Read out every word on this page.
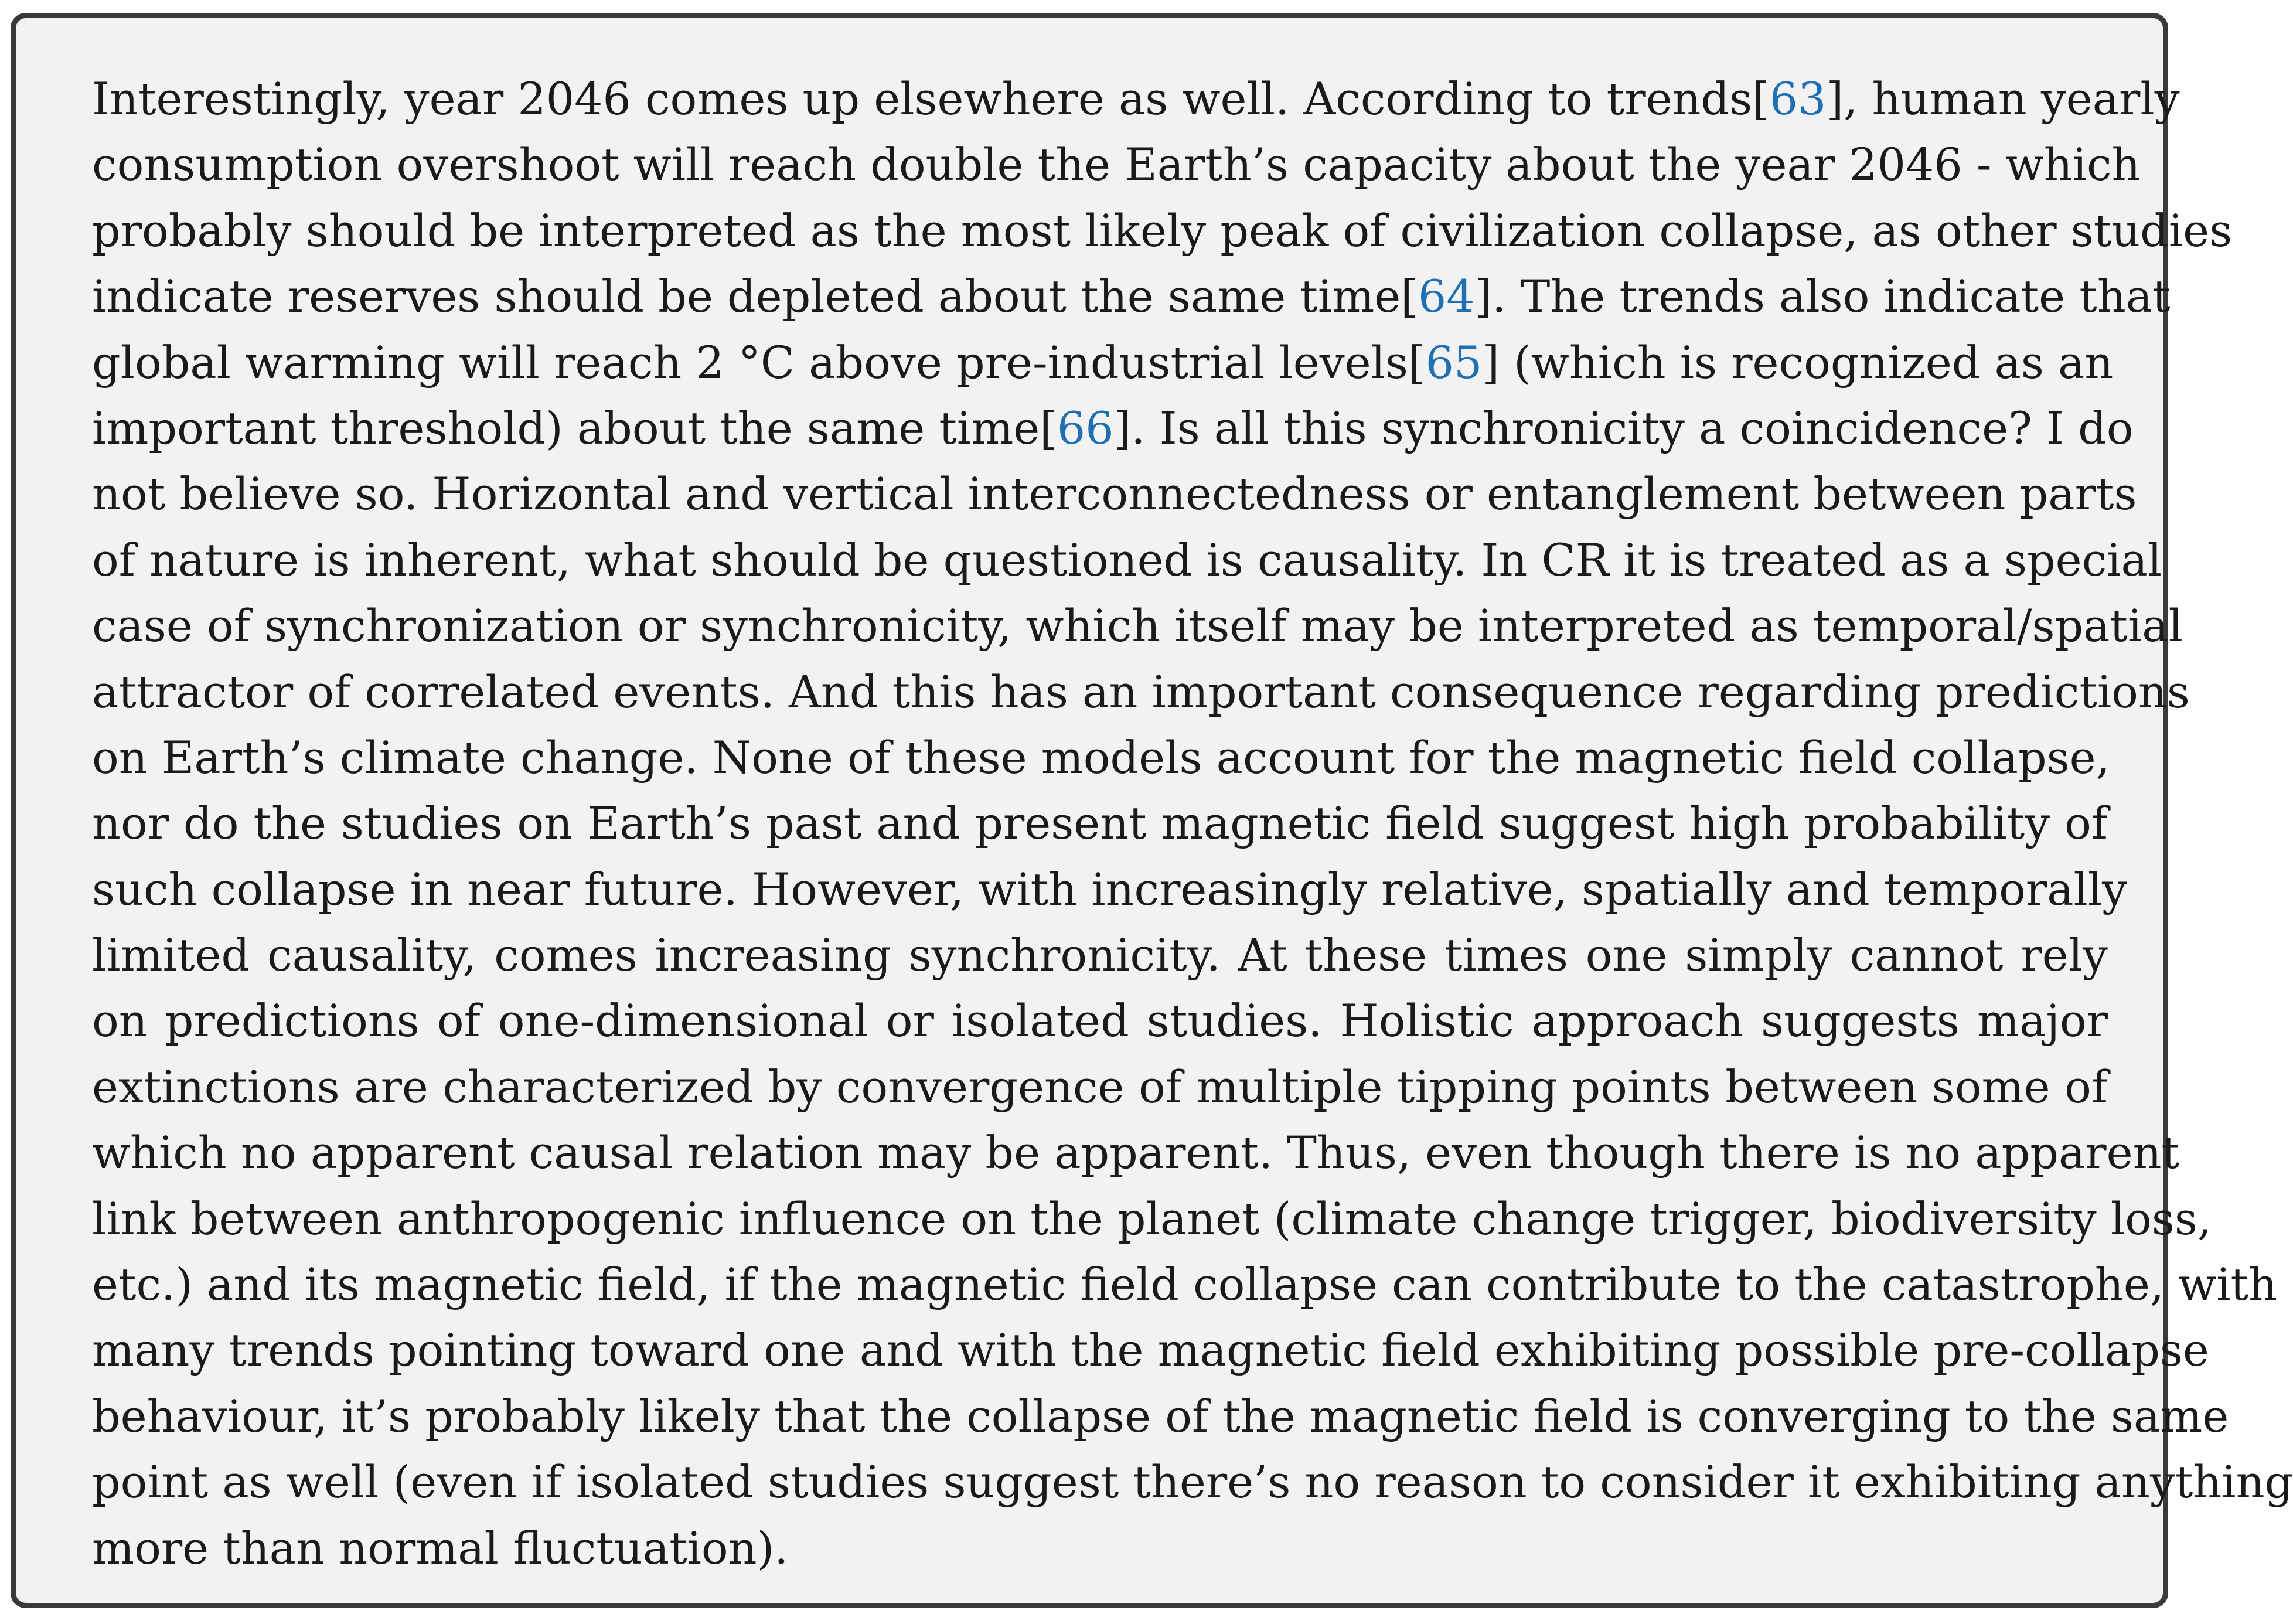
Interestingly, year 2046 comes up elsewhere as well. According to trends[63], human yearly
consumption overshoot will reach double the Earth’s capacity about the year 2046 - which
probably should be interpreted as the most likely peak of civilization collapse, as other studies
indicate reserves should be depleted about the same time[64]. The trends also indicate that
global warming will reach 2 °C above pre-industrial levels[65] (which is recognized as an
important threshold) about the same time[66]. Is all this synchronicity a coincidence? I do
not believe so. Horizontal and vertical interconnectedness or entanglement between parts
of nature is inherent, what should be questioned is causality. In CR it is treated as a special
case of synchronization or synchronicity, which itself may be interpreted as temporal/spatial
attractor of correlated events. And this has an important consequence regarding predictions
on Earth’s climate change. None of these models account for the magnetic field collapse,
nor do the studies on Earth’s past and present magnetic field suggest high probability of
such collapse in near future. However, with increasingly relative, spatially and temporally
limited causality, comes increasing synchronicity. At these times one simply cannot rely
on predictions of one-dimensional or isolated studies. Holistic approach suggests major
extinctions are characterized by convergence of multiple tipping points between some of
which no apparent causal relation may be apparent. Thus, even though there is no apparent
link between anthropogenic influence on the planet (climate change trigger, biodiversity loss,
etc.) and its magnetic field, if the magnetic field collapse can contribute to the catastrophe, with
many trends pointing toward one and with the magnetic field exhibiting possible pre-collapse
behaviour, it’s probably likely that the collapse of the magnetic field is converging to the same
point as well (even if isolated studies suggest there’s no reason to consider it exhibiting anything
more than normal fluctuation).
